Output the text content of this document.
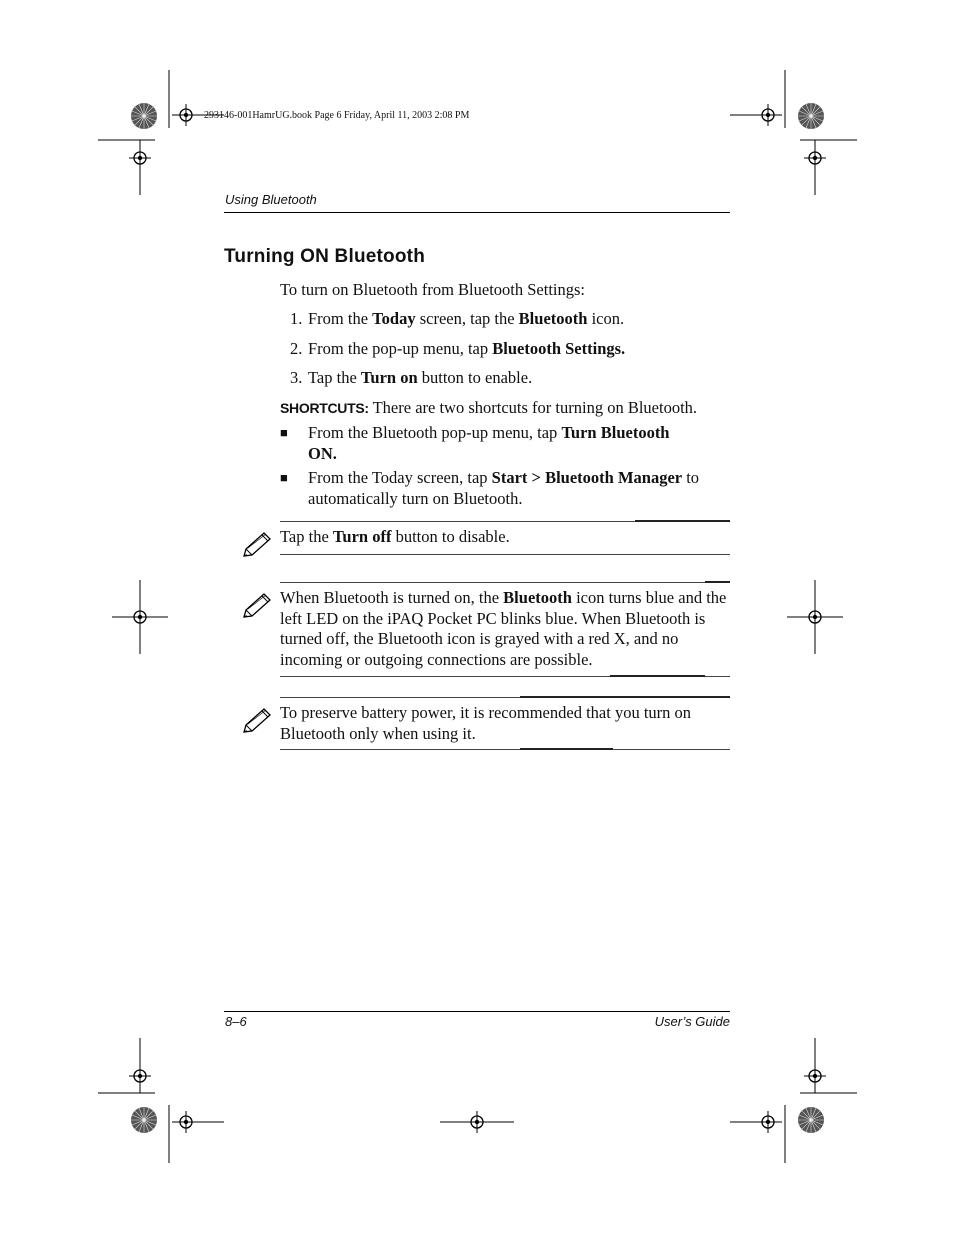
293146-001HamrUG.book Page 6 Friday, April 11, 2003 2:08 PM
Using Bluetooth
Turning ON Bluetooth
To turn on Bluetooth from Bluetooth Settings:
1. From the Today screen, tap the Bluetooth icon.
2. From the pop-up menu, tap Bluetooth Settings.
3. Tap the Turn on button to enable.
SHORTCUTS: There are two shortcuts for turning on Bluetooth.
■ From the Bluetooth pop-up menu, tap Turn Bluetooth ON.
■ From the Today screen, tap Start > Bluetooth Manager to automatically turn on Bluetooth.
Tap the Turn off button to disable.
When Bluetooth is turned on, the Bluetooth icon turns blue and the left LED on the iPAQ Pocket PC blinks blue. When Bluetooth is turned off, the Bluetooth icon is grayed with a red X, and no incoming or outgoing connections are possible.
To preserve battery power, it is recommended that you turn on Bluetooth only when using it.
8–6	User’s Guide
